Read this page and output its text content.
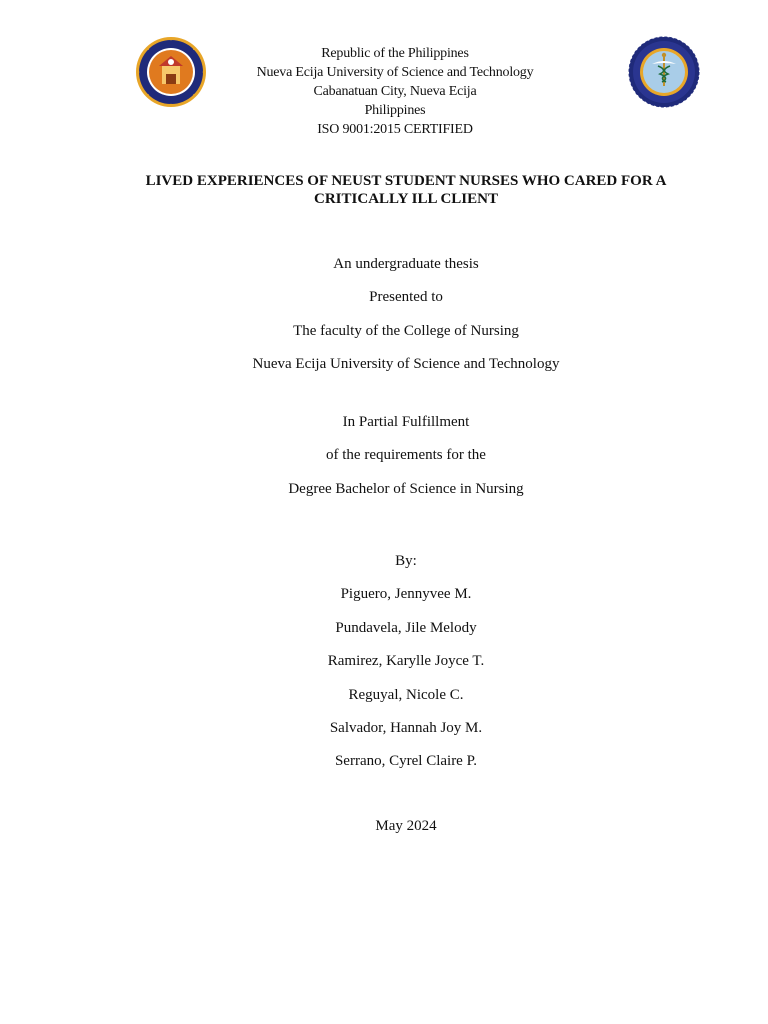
Republic of the Philippines
Nueva Ecija University of Science and Technology
Cabanatuan City, Nueva Ecija
Philippines
ISO 9001:2015 CERTIFIED
LIVED EXPERIENCES OF NEUST STUDENT NURSES WHO CARED FOR A CRITICALLY ILL CLIENT
An undergraduate thesis
Presented to
The faculty of the College of Nursing
Nueva Ecija University of Science and Technology
In Partial Fulfillment
of the requirements for the
Degree Bachelor of Science in Nursing
By:
Piguero, Jennyvee M.
Pundavela, Jile Melody
Ramirez, Karylle Joyce T.
Reguyal, Nicole C.
Salvador, Hannah Joy M.
Serrano, Cyrel Claire P.
May 2024
